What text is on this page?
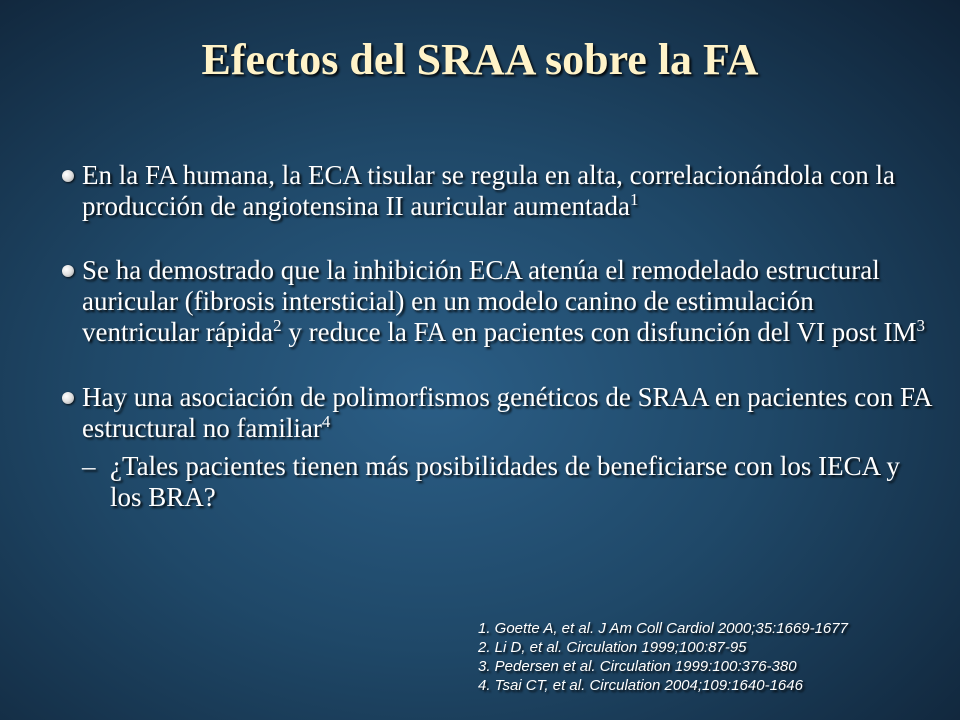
Efectos del SRAA sobre la FA
En la FA humana, la ECA tisular se regula en alta, correlacionándola con la producción de angiotensina II auricular aumentada$^1$
Se ha demostrado que la inhibición ECA atenúa el remodelado estructural auricular (fibrosis intersticial) en un modelo canino de estimulación ventricular rápida$^2$ y reduce la FA en pacientes con disfunción del VI post $IM^3$
Hay una asociación de polimorfismos genéticos de SRAA en pacientes con FA estructural no familiar$^4$
– ¿Tales pacientes tienen más posibilidades de beneficiarse con los IECA y los BRA?
1. Goette A, et al. J Am Coll Cardiol 2000;35:1669-1677
2. Li D, et al. Circulation 1999;100:87-95
3. Pedersen et al. Circulation 1999:100:376-380
4. Tsai CT, et al. Circulation 2004;109:1640-1646
